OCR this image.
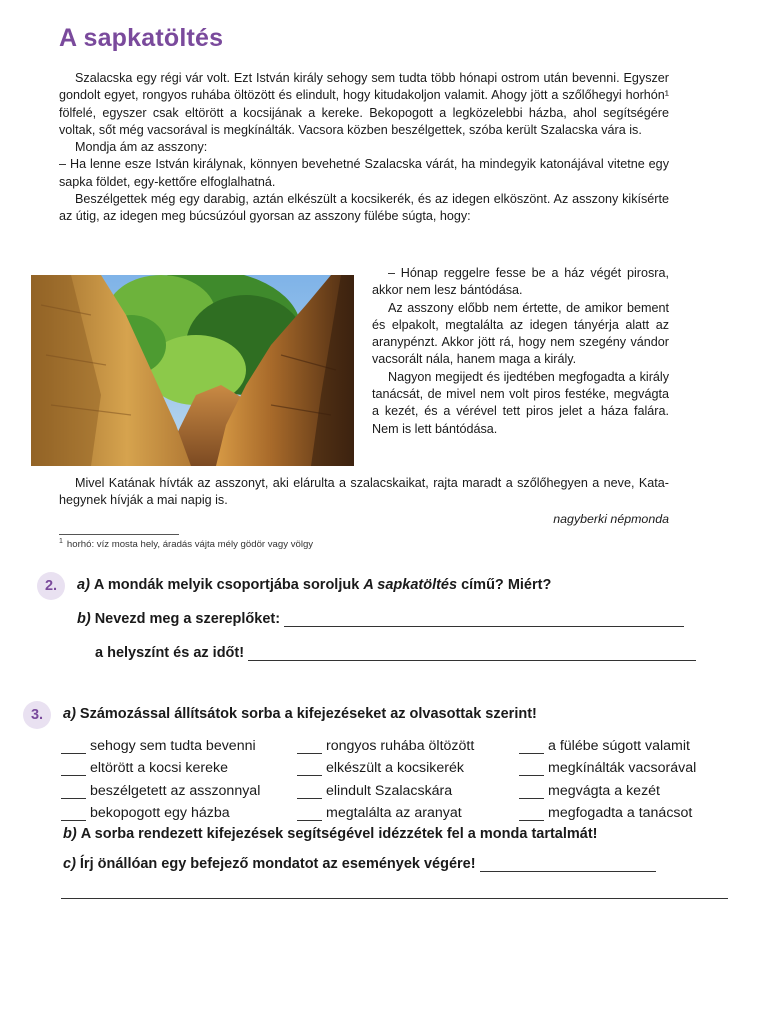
A sapkatöltés

Szalacska egy régi vár volt. Ezt István király sehogy sem tudta több hónapi ostrom után bevenni. Egyszer gondolt egyet, rongyos ruhába öltözött és elindult, hogy kitudakoljon valamit. Ahogy jött a szőlőhegyi horhón¹ fölfelé, egyszer csak eltörött a kocsijának a kereke. Bekopogott a legközelebbi házba, ahol segítségére voltak, sőt még vacsorával is megkínálták. Vacsora közben beszélgettek, szóba került Szalacska vára is.

Mondja ám az asszony:

– Ha lenne esze István királynak, könnyen bevehetné Szalacska várát, ha mindegyik katonájával vitetne egy sapka földet, egy-kettőre elfoglalhatná.

Beszélgettek még egy darabig, aztán elkészült a kocsikerék, és az idegen elköszönt. Az asszony kikísérte az útig, az idegen meg búcsúzóul gyorsan az asszony fülébe súgta, hogy:

– Hónap reggelre fesse be a ház végét pirosra, akkor nem lesz bántódása.

Az asszony előbb nem értette, de amikor bement és elpakolt, megtalálta az idegen tányérja alatt az aranypénzt. Akkor jött rá, hogy nem szegény vándor vacsorált nála, hanem maga a király.

Nagyon megijedt és ijedtében megfogadta a király tanácsát, de mivel nem volt piros festéke, megvágta a kezét, és a vérével tett piros jelet a háza falára. Nem is lett bántódása.

Mivel Katának hívták az asszonyt, aki elárulta a szalacskaikat, rajta maradt a szőlőhegyen a neve, Kata-hegynek hívják a mai napig is.

nagyberki népmonda
$^1$ horhó: víz mosta hely, áradás vájta mély gödör vagy völgy
2.	a) A mondák melyik csoportjába soroljuk
A sapkatöltés
című? Miért?
b) Nevezd meg a szereplőket:
a helyszínt és az időt!
3.	a) Számozással állítsátok sorba a kifejezéseket az olvasottak szerint!
sehogy sem tudta bevenni	rongyos ruhába öltözött	a fülébe súgott valamit
eltörött a kocsi kereke	elkészült a kocsikerék	megkínálták vacsorával
beszélgetett az asszonnyal	elindult Szalacskára	megvágta a kezét
bekopogott egy házba	megtalálta az aranyat	megfogadta a tanácsot
b) A sorba rendezett kifejezések segítségével idézzétek fel a monda tartalmát!
c) Írj önállóan egy befejező mondatot az események végére!
